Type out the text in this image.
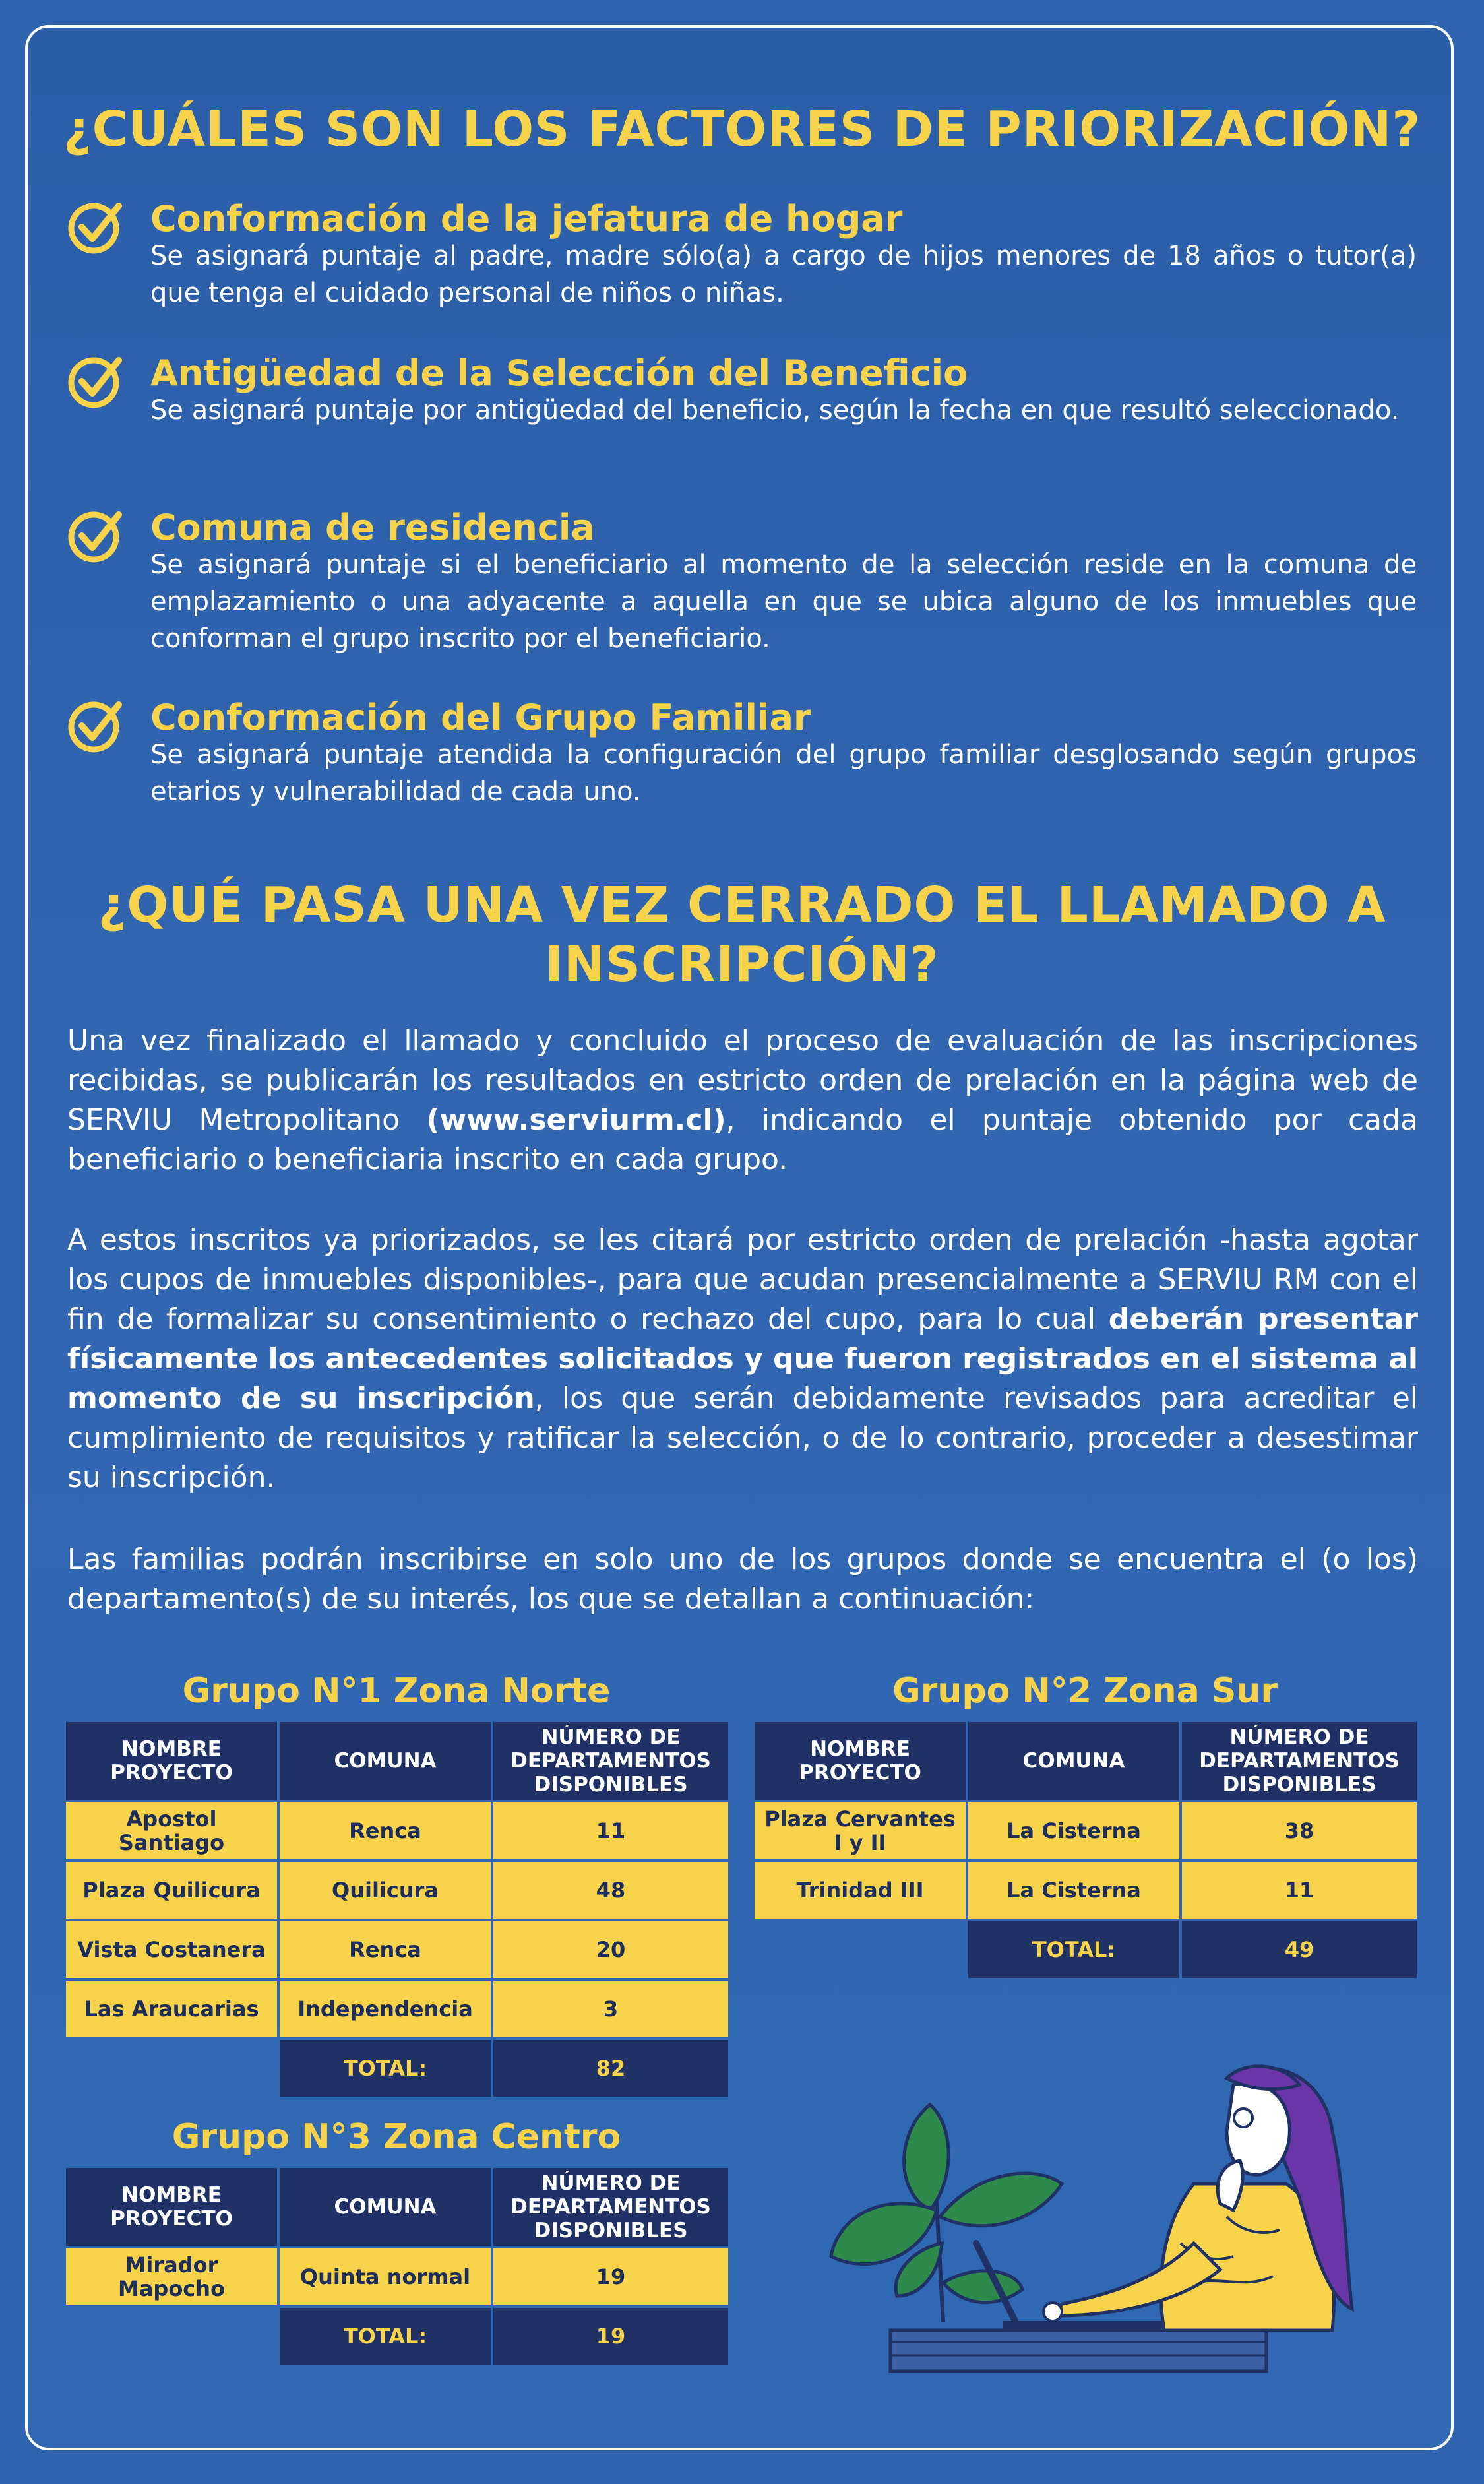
¿CUÁLES SON LOS FACTORES DE PRIORIZACIÓN?
Conformación de la jefatura de hogar
Se asignará puntaje al padre, madre sólo(a) a cargo de hijos menores de 18 años o tutor(a) que tenga el cuidado personal de niños o niñas.
Antigüedad de la Selección del Beneficio
Se asignará puntaje por antigüedad del beneficio, según la fecha en que resultó seleccionado.
Comuna de residencia
Se asignará puntaje si el beneficiario al momento de la selección reside en la comuna de emplazamiento o una adyacente a aquella en que se ubica alguno de los inmuebles que conforman el grupo inscrito por el beneficiario.
Conformación del Grupo Familiar
Se asignará puntaje atendida la configuración del grupo familiar desglosando según grupos etarios y vulnerabilidad de cada uno.
¿QUÉ PASA UNA VEZ CERRADO EL LLAMADO A
INSCRIPCIÓN?
Una vez finalizado el llamado y concluido el proceso de evaluación de las inscripciones recibidas, se publicarán los resultados en estricto orden de prelación en la página web de SERVIU Metropolitano (www.serviurm.cl), indicando el puntaje obtenido por cada beneficiario o beneficiaria inscrito en cada grupo.
A estos inscritos ya priorizados, se les citará por estricto orden de prelación -hasta agotar los cupos de inmuebles disponibles-, para que acudan presencialmente a SERVIU RM con el fin de formalizar su consentimiento o rechazo del cupo, para lo cual deberán presentar físicamente los antecedentes solicitados y que fueron registrados en el sistema al momento de su inscripción, los que serán debidamente revisados para acreditar el cumplimiento de requisitos y ratificar la selección, o de lo contrario, proceder a desestimar su inscripción.
Las familias podrán inscribirse en solo uno de los grupos donde se encuentra el (o los) departamento(s) de su interés, los que se detallan a continuación:
Grupo N°1 Zona Norte
NOMBRE
PROYECTO	COMUNA	NÚMERO DE
DEPARTAMENTOS
DISPONIBLES
Apostol Santiago	Renca	11
Plaza Quilicura	Quilicura	48
Vista Costanera	Renca	20
Las Araucarias	Independencia	3
	TOTAL:	82
Grupo N°2 Zona Sur
NOMBRE
PROYECTO	COMUNA	NÚMERO DE
DEPARTAMENTOS
DISPONIBLES
Plaza Cervantes
I y II	La Cisterna	38
Trinidad III	La Cisterna	11
	TOTAL:	49
Grupo N°3 Zona Centro
NOMBRE
PROYECTO	COMUNA	NÚMERO DE
DEPARTAMENTOS
DISPONIBLES
Mirador
Mapocho	Quinta normal	19
	TOTAL:	19
